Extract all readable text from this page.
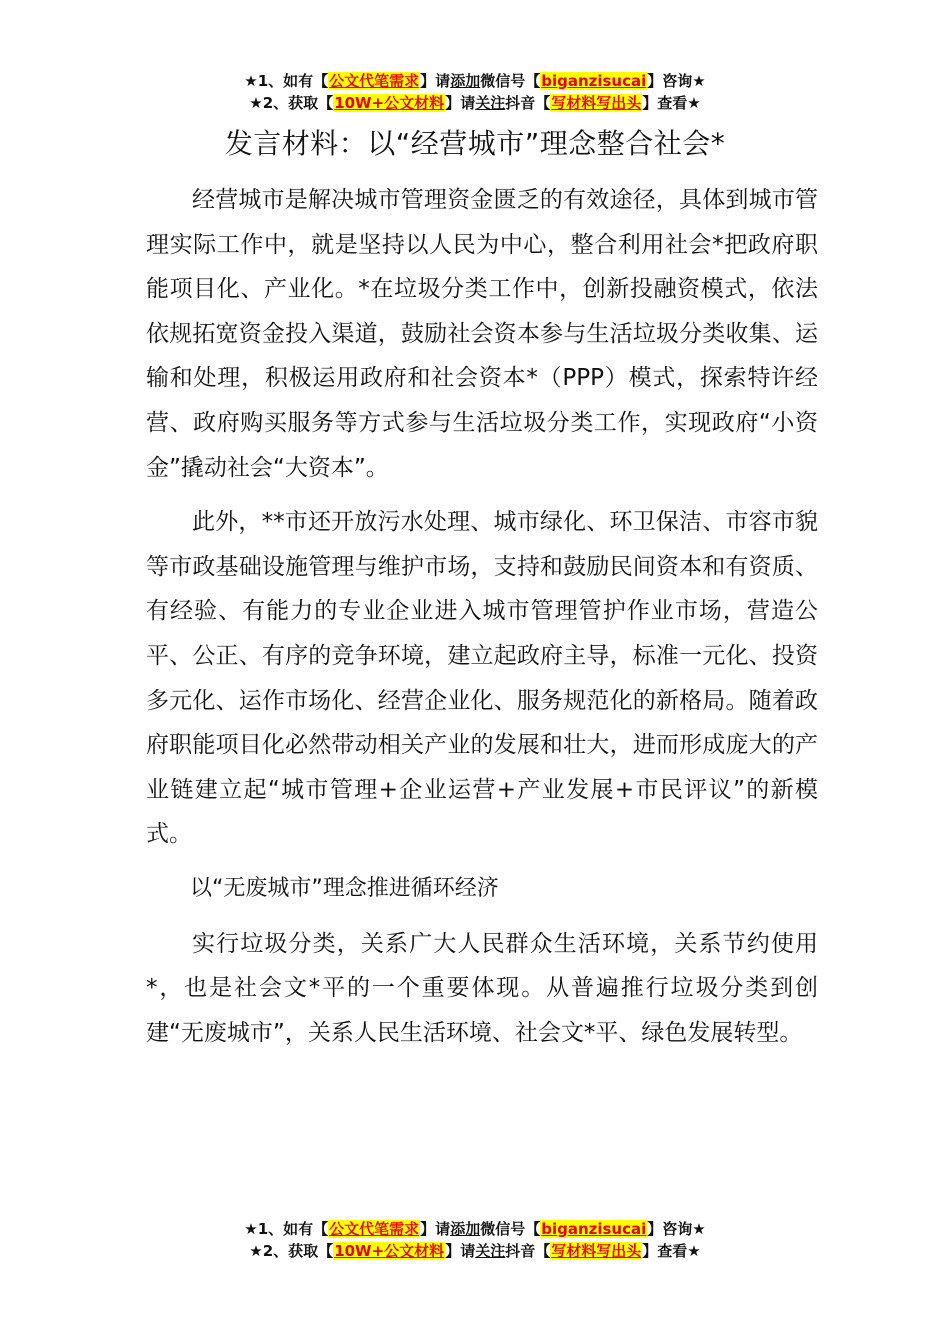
★1、如有【公文代笔需求】请添加微信号【biganzisucai】咨询★
★2、获取【10W+公文材料】请关注抖音【写材料写出头】查看★
发言材料：以“经营城市”理念整合社会*

经营城市是解决城市管理资金匮乏的有效途径，具体到城市管理实际工作中，就是坚持以人民为中心，整合利用社会*把政府职能项目化、产业化。*在垃圾分类工作中，创新投融资模式，依法依规拓宽资金投入渠道，鼓励社会资本参与生活垃圾分类收集、运输和处理，积极运用政府和社会资本*（PPP）模式，探索特许经营、政府购买服务等方式参与生活垃圾分类工作，实现政府“小资金”撬动社会“大资本”。

此外，**市还开放污水处理、城市绿化、环卫保洁、市容市貌等市政基础设施管理与维护市场，支持和鼓励民间资本和有资质、有经验、有能力的专业企业进入城市管理管护作业市场，营造公平、公正、有序的竞争环境，建立起政府主导，标准一元化、投资多元化、运作市场化、经营企业化、服务规范化的新格局。随着政府职能项目化必然带动相关产业的发展和壮大，进而形成庞大的产业链建立起“城市管理+企业运营+产业发展+市民评议”的新模式。

以“无废城市”理念推进循环经济

实行垃圾分类，关系广大人民群众生活环境，关系节约使用*，也是社会文*平的一个重要体现。从普遍推行垃圾分类到创建“无废城市”，关系人民生活环境、社会文*平、绿色发展转型。

★1、如有【公文代笔需求】请添加微信号【biganzisucai】咨询★
★2、获取【10W+公文材料】请关注抖音【写材料写出头】查看★
